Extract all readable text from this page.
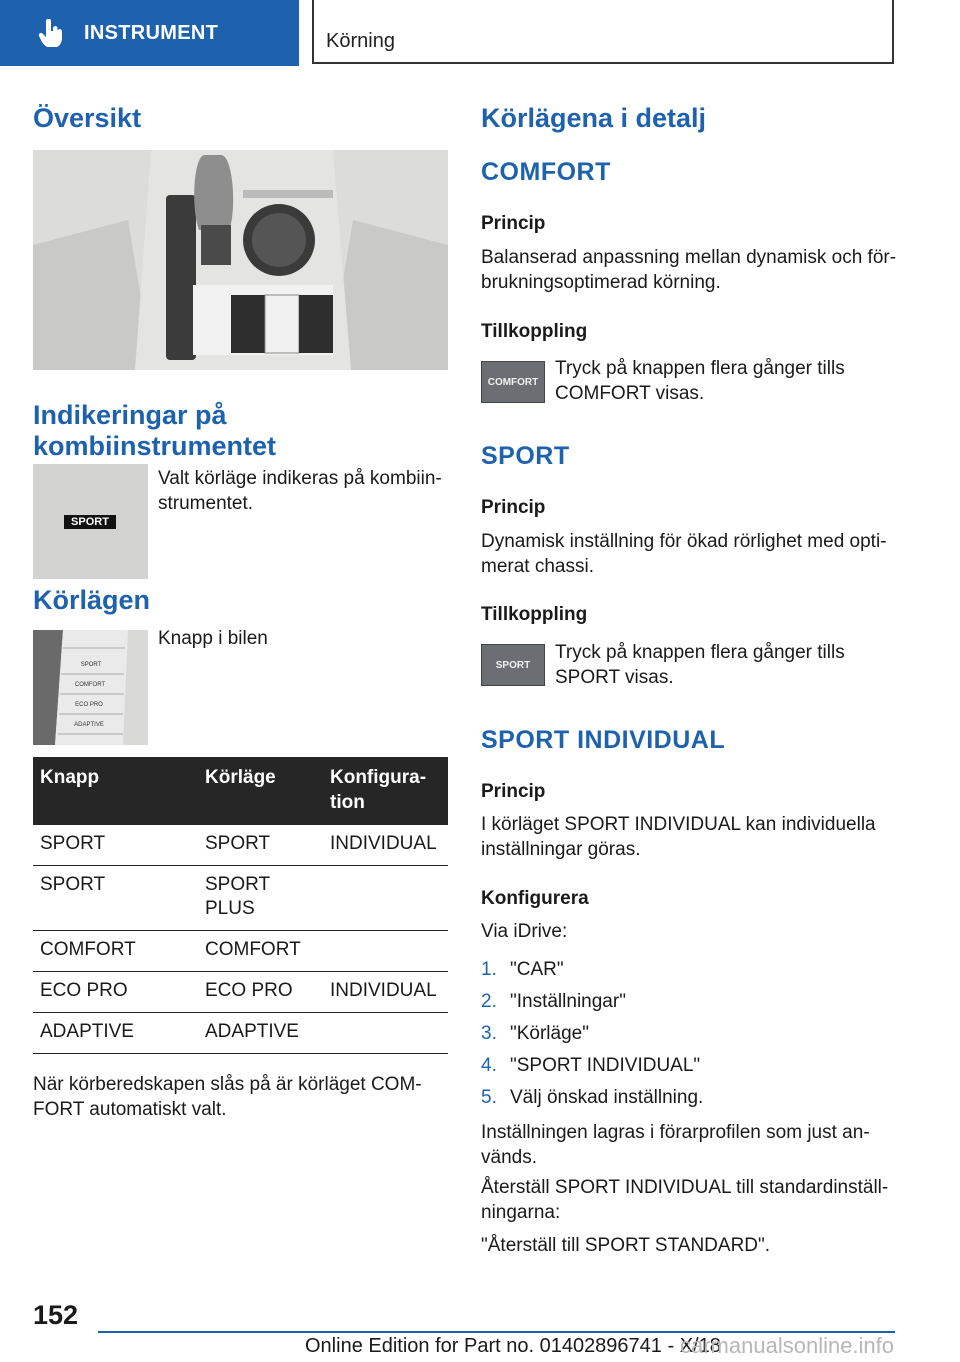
INSTRUMENT	Körning
Översikt
Indikeringar på kombiinstrumentet
SPORT
Valt körläge indikeras på kombiinstrumentet.
Körlägen
SPORT
COMFORT
ECO PRO
ADAPTIVE
Knapp i bilen
Knapp	Körläge	Konfiguration
SPORT	SPORT	INDIVIDUAL
SPORT	SPORT PLUS	
COMFORT	COMFORT	
ECO PRO	ECO PRO	INDIVIDUAL
ADAPTIVE	ADAPTIVE	
När körberedskapen slås på är körläget COMFORT automatiskt valt.
Körlägena i detalj
COMFORT
Princip
Balanserad anpassning mellan dynamisk och förbrukningsoptimerad körning.
Tillkoppling
COMFORT
Tryck på knappen flera gånger tills COMFORT visas.
SPORT
Princip
Dynamisk inställning för ökad rörlighet med optimerat chassi.
Tillkoppling
SPORT
Tryck på knappen flera gånger tills SPORT visas.
SPORT INDIVIDUAL
Princip
I körläget SPORT INDIVIDUAL kan individuella inställningar göras.
Konfigurera
Via iDrive:
1. "CAR"
2. "Inställningar"
3. "Körläge"
4. "SPORT INDIVIDUAL"
5. Välj önskad inställning.
Inställningen lagras i förarprofilen som just används.
Återställ SPORT INDIVIDUAL till standardinställningarna:
"Återställ till SPORT STANDARD".
152
Online Edition for Part no. 01402896741 - X/18
carmanualsonline.info
